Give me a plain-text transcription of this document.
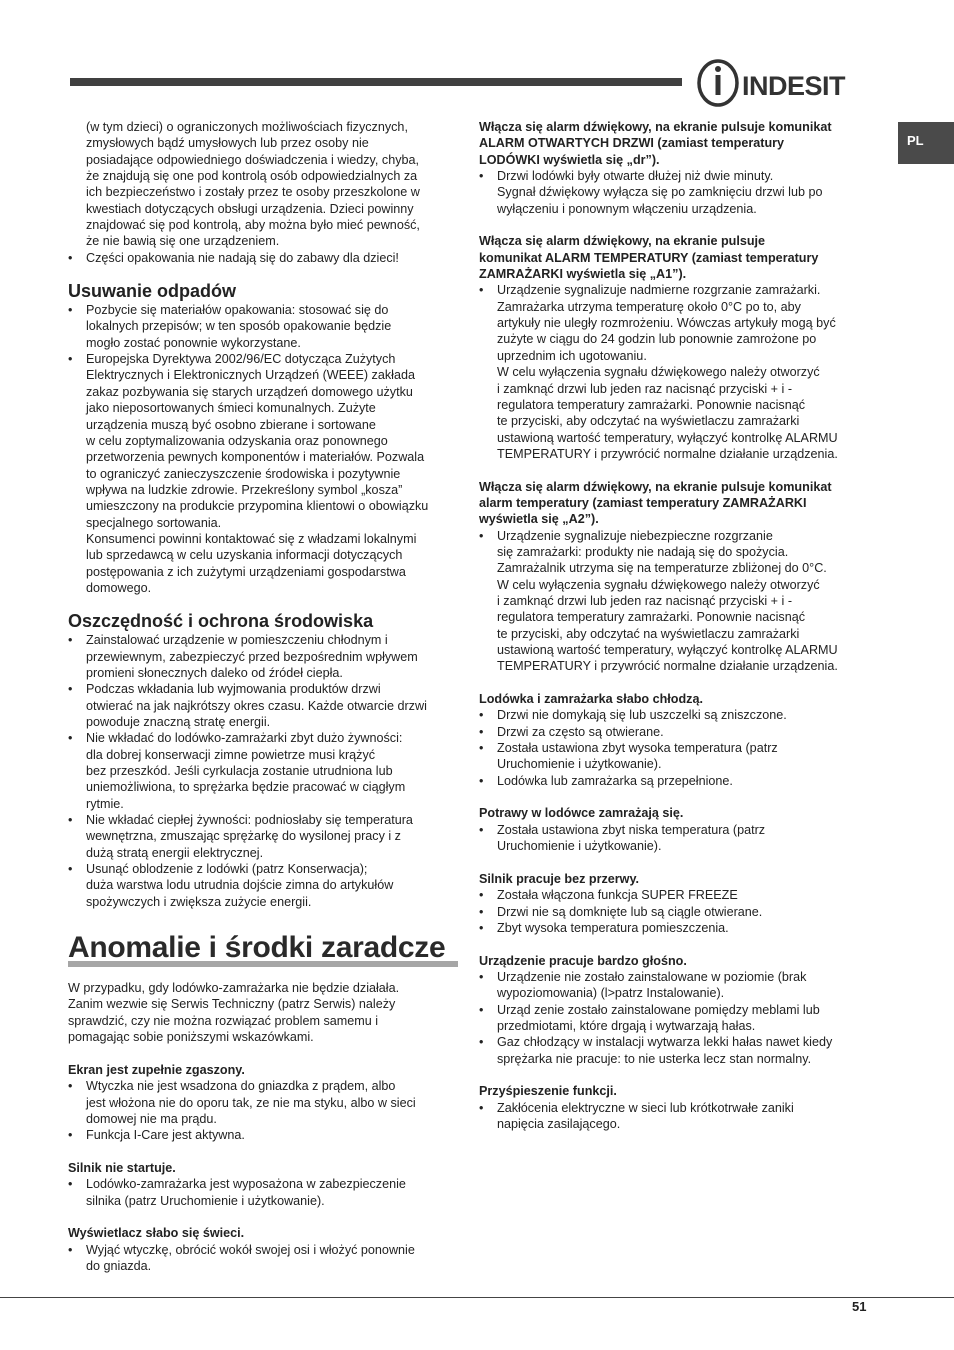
INDESIT
PL
(w tym dzieci) o ograniczonych możliwościach fizycznych,
zmysłowych bądź umysłowych lub przez osoby nie
posiadające odpowiedniego doświadczenia i wiedzy, chyba,
że znajdują się one pod kontrolą osób odpowiedzialnych za
ich bezpieczeństwo i zostały przez te osoby przeszkolone w
kwestiach dotyczących obsługi urządzenia. Dzieci powinny
znajdować się pod kontrolą, aby można było mieć pewność,
że nie bawią się one urządzeniem.
•	Części opakowania nie nadają się do zabawy dla dzieci!
Usuwanie odpadów
•	Pozbycie się materiałów opakowania: stosować się do
lokalnych przepisów; w ten sposób opakowanie będzie
mogło zostać ponownie wykorzystane.
•	Europejska Dyrektywa 2002/96/EC dotycząca Zużytych
Elektrycznych i Elektronicznych Urządzeń (WEEE) zakłada
zakaz pozbywania się starych urządzeń domowego użytku
jako nieposortowanych śmieci komunalnych. Zużyte
urządzenia muszą być osobno zbierane i sortowane
w celu zoptymalizowania odzyskania oraz ponownego
przetworzenia pewnych komponentów i materiałów. Pozwala
to ograniczyć zanieczyszczenie środowiska i pozytywnie
wpływa na ludzkie zdrowie. Przekreślony symbol „kosza”
umieszczony na produkcie przypomina klientowi o obowiązku
specjalnego sortowania.
Konsumenci powinni kontaktować się z władzami lokalnymi
lub sprzedawcą w celu uzyskania informacji dotyczących
postępowania z ich zużytymi urządzeniami gospodarstwa
domowego.
Oszczędność i ochrona środowiska
•	Zainstalować urządzenie w pomieszczeniu chłodnym i
przewiewnym, zabezpieczyć przed bezpośrednim wpływem
promieni słonecznych daleko od źródeł ciepła.
•	Podczas wkładania lub wyjmowania produktów drzwi
otwierać na jak najkrótszy okres czasu. Każde otwarcie drzwi
powoduje znaczną stratę energii.
•	Nie wkładać do lodówko-zamrażarki zbyt dużo żywności:
dla dobrej konserwacji zimne powietrze musi krążyć
bez przeszkód. Jeśli cyrkulacja zostanie utrudniona lub
uniemożliwiona, to sprężarka będzie pracować w ciągłym
rytmie.
•	Nie wkładać ciepłej żywności: podniosłaby się temperatura
wewnętrzna, zmuszając sprężarkę do wysilonej pracy i z
dużą stratą energii elektrycznej.
•	Usunąć oblodzenie z lodówki (patrz Konserwacja);
duża warstwa lodu utrudnia dojście zimna do artykułów
spożywczych i zwiększa zużycie energii.
Anomalie i środki zaradcze
W przypadku, gdy lodówko-zamrażarka nie będzie działała.
Zanim wezwie się Serwis Techniczny (patrz Serwis) należy
sprawdzić, czy nie można rozwiązać problem samemu i
pomagając sobie poniższymi wskazówkami.
Ekran jest zupełnie zgaszony.
•	Wtyczka nie jest wsadzona do gniazdka z prądem, albo
jest włożona nie do oporu tak, ze nie ma styku, albo w sieci
domowej nie ma prądu.
•	Funkcja I-Care jest aktywna.
Silnik nie startuje.
•	Lodówko-zamrażarka jest wyposażona w zabezpieczenie
silnika (patrz Uruchomienie i użytkowanie).
Wyświetlacz słabo się świeci.
•	Wyjąć wtyczkę, obrócić wokół swojej osi i włożyć ponownie
do gniazda.
Włącza się alarm dźwiękowy, na ekranie pulsuje komunikat
ALARM OTWARTYCH DRZWI (zamiast temperatury
LODÓWKI wyświetla się „dr”).
•	Drzwi lodówki były otwarte dłużej niż dwie minuty.
Sygnał dźwiękowy wyłącza się po zamknięciu drzwi lub po
wyłączeniu i ponownym włączeniu urządzenia.
Włącza się alarm dźwiękowy, na ekranie pulsuje
komunikat ALARM TEMPERATURY (zamiast temperatury
ZAMRAŻARKI wyświetla się „A1”).
•	Urządzenie sygnalizuje nadmierne rozgrzanie zamrażarki.
Zamrażarka utrzyma temperaturę około 0°C po to, aby
artykuły nie uległy rozmrożeniu. Wówczas artykuły mogą być
zużyte w ciągu do 24 godzin lub ponownie zamrożone po
uprzednim ich ugotowaniu.
W celu wyłączenia sygnału dźwiękowego należy otworzyć
i zamknąć drzwi lub jeden raz nacisnąć przyciski + i -
regulatora temperatury zamrażarki. Ponownie nacisnąć
te przyciski, aby odczytać na wyświetlaczu zamrażarki
ustawioną wartość temperatury, wyłączyć kontrolkę ALARMU
TEMPERATURY i przywrócić normalne działanie urządzenia.
Włącza się alarm dźwiękowy, na ekranie pulsuje komunikat
alarm temperatury (zamiast temperatury ZAMRAŻARKI
wyświetla się „A2”).
•	Urządzenie sygnalizuje niebezpieczne rozgrzanie
się zamrażarki: produkty nie nadają się do spożycia.
Zamrażalnik utrzyma się na temperaturze zbliżonej do 0°C.
W celu wyłączenia sygnału dźwiękowego należy otworzyć
i zamknąć drzwi lub jeden raz nacisnąć przyciski + i -
regulatora temperatury zamrażarki. Ponownie nacisnąć
te przyciski, aby odczytać na wyświetlaczu zamrażarki
ustawioną wartość temperatury, wyłączyć kontrolkę ALARMU
TEMPERATURY i przywrócić normalne działanie urządzenia.
Lodówka i zamrażarka słabo chłodzą.
•	Drzwi nie domykają się lub uszczelki są zniszczone.
•	Drzwi za często są otwierane.
•	Została ustawiona zbyt wysoka temperatura (patrz
Uruchomienie i użytkowanie).
•	Lodówka lub zamrażarka są przepełnione.
Potrawy w lodówce zamrażają się.
•	Została ustawiona zbyt niska temperatura (patrz
Uruchomienie i użytkowanie).
Silnik pracuje bez przerwy.
•	Została włączona funkcja SUPER FREEZE
•	Drzwi nie są domknięte lub są ciągle otwierane.
•	Zbyt wysoka temperatura pomieszczenia.
Urządzenie pracuje bardzo głośno.
•	Urządzenie nie zostało zainstalowane w poziomie (brak
wypoziomowania) (l>patrz Instalowanie).
•	Urząd zenie zostało zainstalowane pomiędzy meblami lub
przedmiotami, które drgają i wytwarzają hałas.
•	Gaz chłodzący w instalacji wytwarza lekki hałas nawet kiedy
sprężarka nie pracuje: to nie usterka lecz stan normalny.
Przyśpieszenie funkcji.
•	Zakłócenia elektryczne w sieci lub krótkotrwałe zaniki
napięcia zasilającego.
51
